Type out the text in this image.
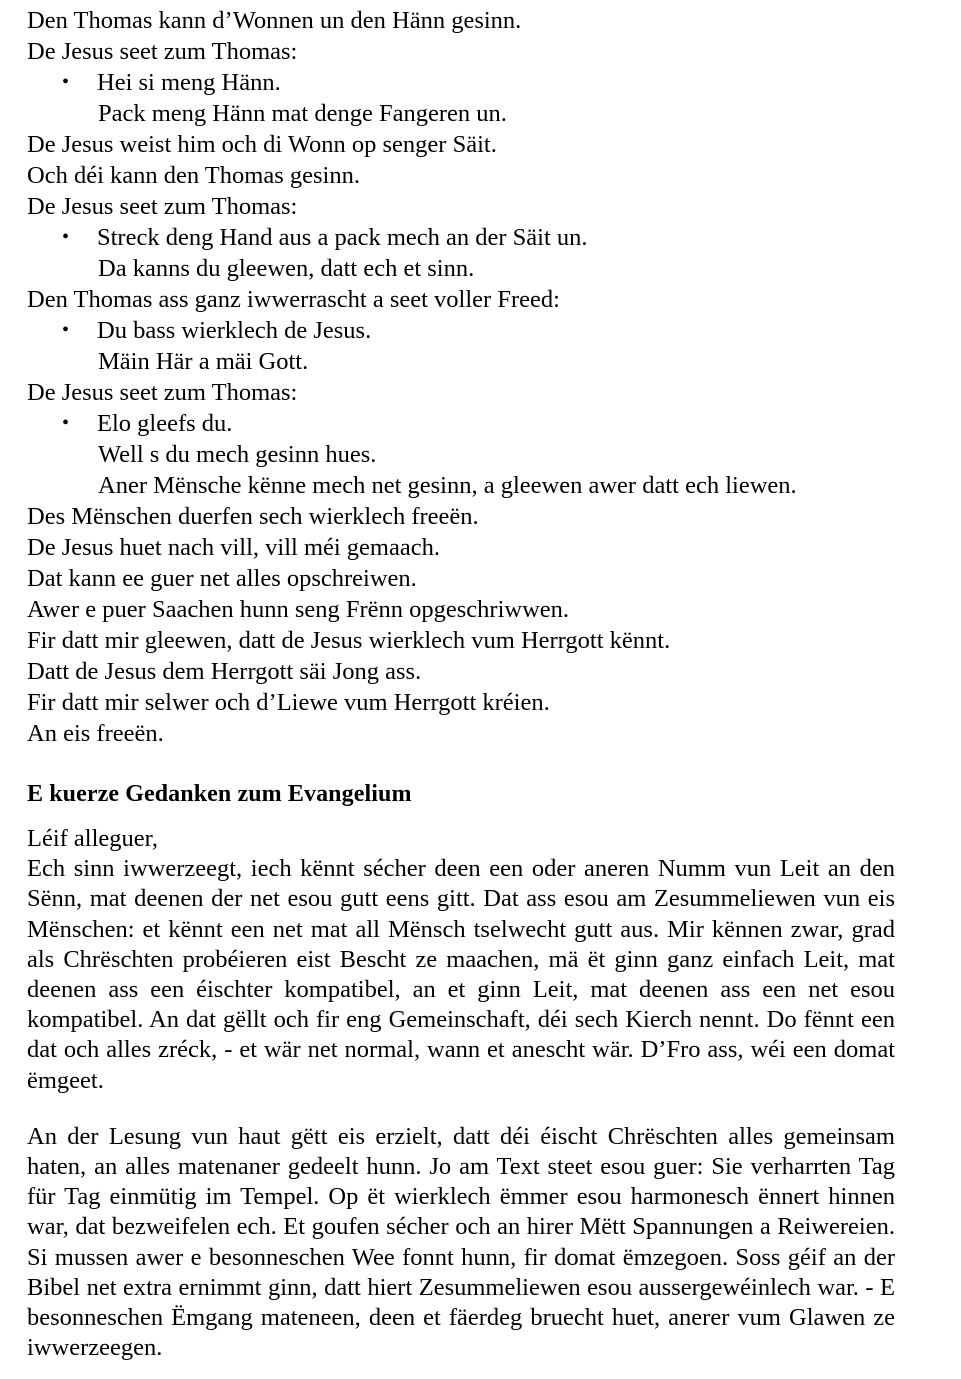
Den Thomas kann d’Wonnen un den Hänn gesinn.

De Jesus seet zum Thomas:

• Hei si meng Hänn.

Pack meng Hänn mat denge Fangeren un.

De Jesus weist him och di Wonn op senger Säit.

Och déi kann den Thomas gesinn.

De Jesus seet zum Thomas:

• Streck deng Hand aus a pack mech an der Säit un.

Da kanns du gleewen, datt ech et sinn.

Den Thomas ass ganz iwwerrascht a seet voller Freed:

• Du bass wierklech de Jesus.

Mäin Här a mäi Gott.

De Jesus seet zum Thomas:

• Elo gleefs du.

Well s du mech gesinn hues.

Aner Mënsche kënne mech net gesinn, a gleewen awer datt ech liewen.

Des Mënschen duerfen sech wierklech freeën.

De Jesus huet nach vill, vill méi gemaach.

Dat kann ee guer net alles opschreiwen.

Awer e puer Saachen hunn seng Frënn opgeschriwwen.

Fir datt mir gleewen, datt de Jesus wierklech vum Herrgott kënnt.

Datt de Jesus dem Herrgott säi Jong ass.

Fir datt mir selwer och d’Liewe vum Herrgott kréien.

An eis freeën.

E kuerze Gedanken zum Evangelium

Léif alleguer,

Ech sinn iwwerzeegt, iech kënnt sécher deen een oder aneren Numm vun Leit an den Sënn, mat deenen der net esou gutt eens gitt. Dat ass esou am Zesummeliewen vun eis Mënschen: et kënnt een net mat all Mënsch tselwecht gutt aus. Mir kënnen zwar, grad als Chrëschten probéieren eist Bescht ze maachen, mä ët ginn ganz einfach Leit, mat deenen ass een éischter kompatibel, an et ginn Leit, mat deenen ass een net esou kompatibel. An dat gëllt och fir eng Gemeinschaft, déi sech Kierch nennt. Do fënnt een dat och alles zréck, - et wär net normal, wann et anescht wär. D’Fro ass, wéi een domat ëmgeet.

An der Lesung vun haut gëtt eis erzielt, datt déi éischt Chrëschten alles gemeinsam haten, an alles matenaner gedeelt hunn. Jo am Text steet esou guer: Sie verharrten Tag für Tag einmütig im Tempel. Op ët wierklech ëmmer esou harmonesch ënnert hinnen war, dat bezweifelen ech. Et goufen sécher och an hirer Mëtt Spannungen a Reiwereien. Si mussen awer e besonneschen Wee fonnt hunn, fir domat ëmzegoen. Soss géif an der Bibel net extra ernimmt ginn, datt hiert Zesummeliewen esou aussergewéinlech war. - E besonneschen Ëmgang mateneen, deen et fäerdeg bruecht huet, anerer vum Glawen ze iwwerzeegen.
